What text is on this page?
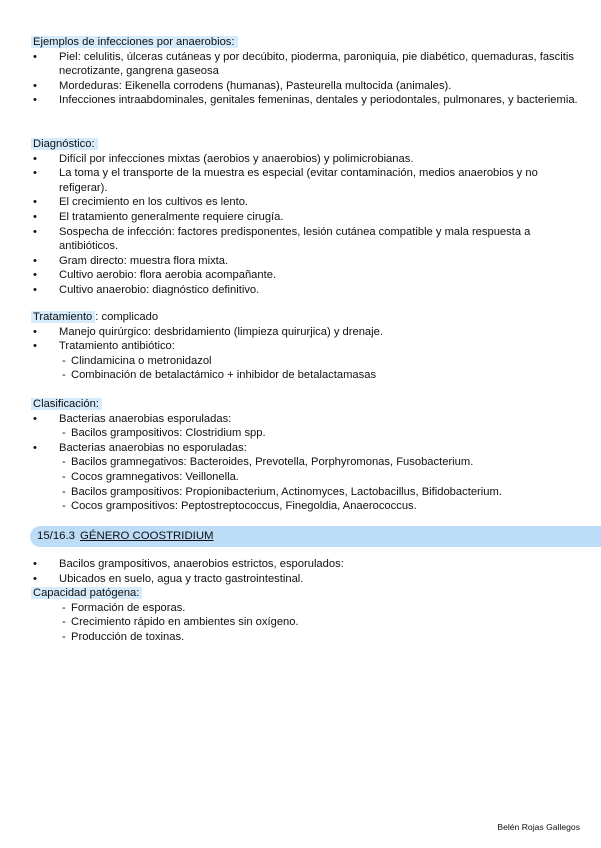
Ejemplos de infecciones por anaerobios:
• Piel: celulitis, úlceras cutáneas y por decúbito, pioderma, paroniquia, pie diabético, quemaduras, fascitis necrotizante, gangrena gaseosa
• Mordeduras: Eikenella corrodens (humanas), Pasteurella multocida (animales).
• Infecciones intraabdominales, genitales femeninas, dentales y periodontales, pulmonares, y bacteriemia.
Diagnóstico:
• Difícil por infecciones mixtas (aerobios y anaerobios) y polimicrobianas.
• La toma y el transporte de la muestra es especial (evitar contaminación, medios anaerobios y no refigerar).
• El crecimiento en los cultivos es lento.
• El tratamiento generalmente requiere cirugía.
• Sospecha de infección: factores predisponentes, lesión cutánea compatible y mala respuesta a antibióticos.
• Gram directo: muestra flora mixta.
• Cultivo aerobio: flora aerobia acompañante.
• Cultivo anaerobio: diagnóstico definitivo.
Tratamiento : complicado
• Manejo quirúrgico: desbridamiento (limpieza quirurjica) y drenaje.
• Tratamiento antibiótico:
- Clindamicina o metronidazol
- Combinación de betalactámico + inhibidor de betalactamasas
Clasificación:
• Bacterias anaerobias esporuladas:
- Bacilos grampositivos: Clostridium spp.
• Bacterias anaerobias no esporuladas:
- Bacilos gramnegativos: Bacteroides, Prevotella, Porphyromonas, Fusobacterium.
- Cocos gramnegativos: Veillonella.
- Bacilos grampositivos: Propionibacterium, Actinomyces, Lactobacillus, Bifidobacterium.
- Cocos grampositivos: Peptostreptococcus, Finegoldia, Anaerococcus.
15/16.3 GÉNERO COOSTRIDIUM
• Bacilos grampositivos, anaerobios estrictos, esporulados:
• Ubicados en suelo, agua y tracto gastrointestinal.
Capacidad patógena:
- Formación de esporas.
- Crecimiento rápido en ambientes sin oxígeno.
- Producción de toxinas.
Belén Rojas Gallegos
